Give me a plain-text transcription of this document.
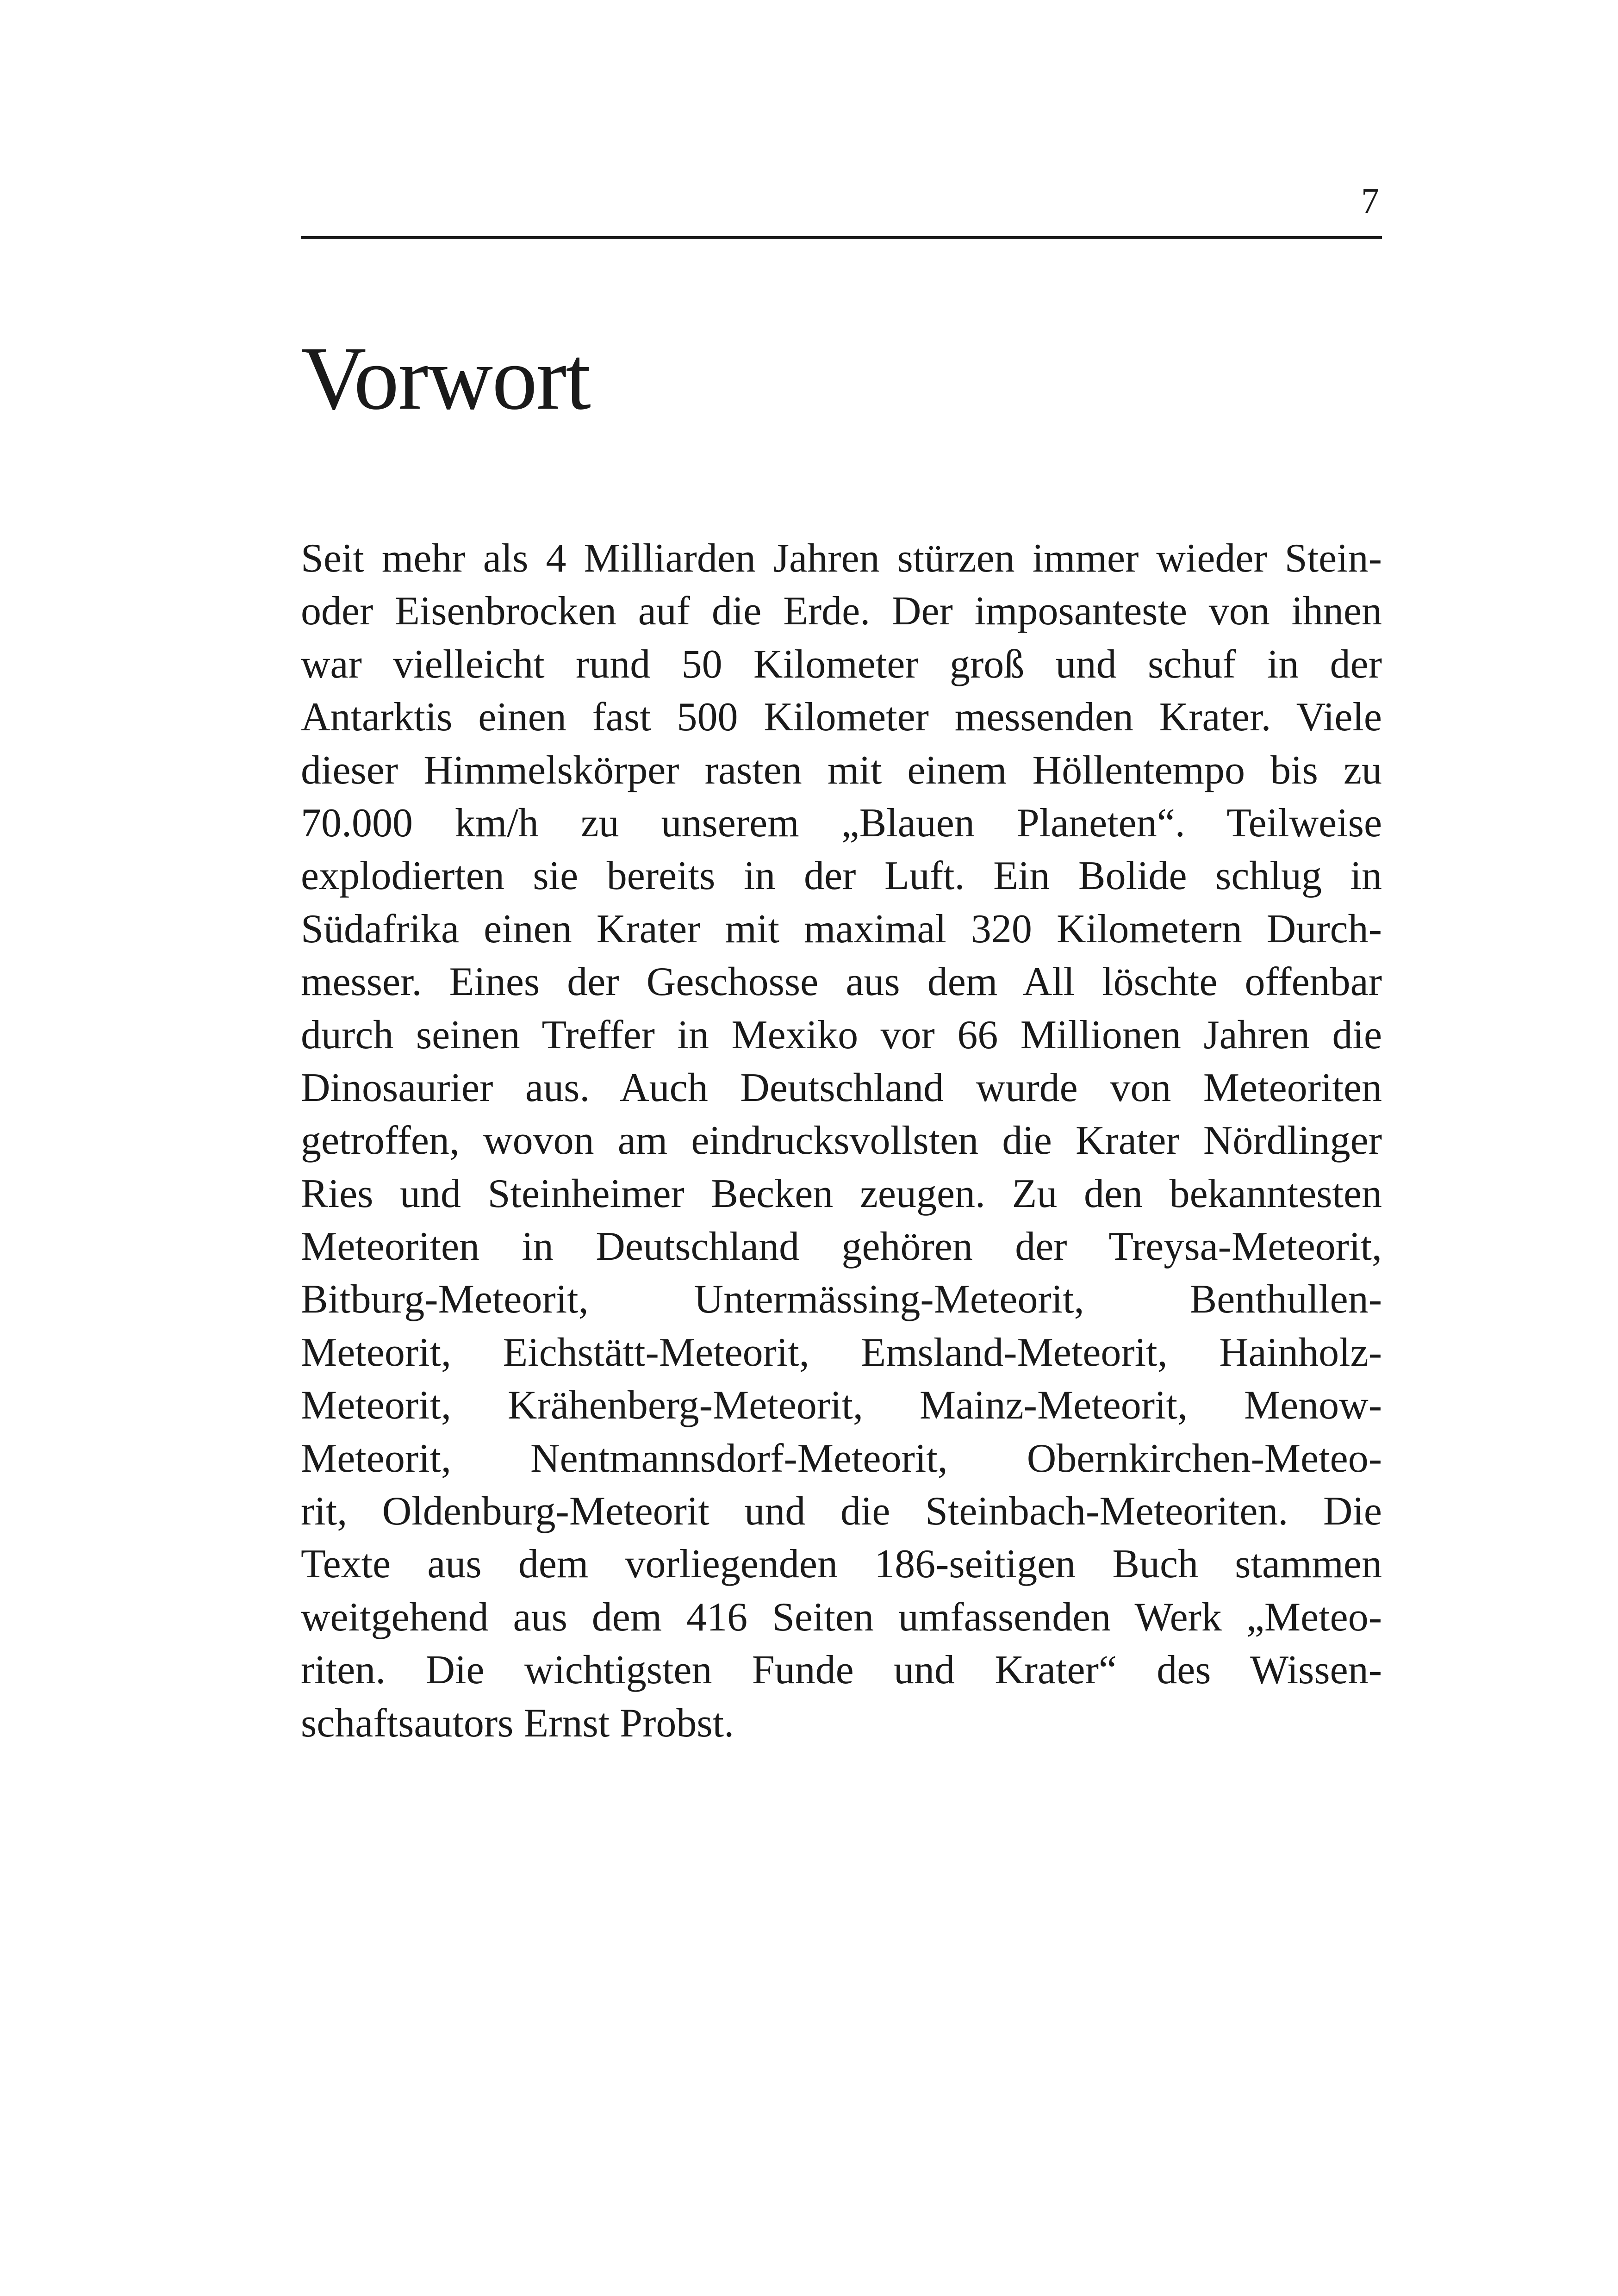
7
Vorwort
Seit mehr als 4 Milliarden Jahren stürzen immer wieder Stein-
oder Eisenbrocken auf die Erde. Der imposanteste von ihnen
war vielleicht rund 50 Kilometer groß und schuf in der
Antarktis einen fast 500 Kilometer messenden Krater. Viele
dieser Himmelskörper rasten mit einem Höllentempo bis zu
70.000 km/h zu unserem „Blauen Planeten“. Teilweise
explodierten sie bereits in der Luft. Ein Bolide schlug in
Südafrika einen Krater mit maximal 320 Kilometern Durch-
messer. Eines der Geschosse aus dem All löschte offenbar
durch seinen Treffer in Mexiko vor 66 Millionen Jahren die
Dinosaurier aus. Auch Deutschland wurde von Meteoriten
getroffen, wovon am eindrucksvollsten die Krater Nördlinger
Ries und Steinheimer Becken zeugen. Zu den bekanntesten
Meteoriten in Deutschland gehören der Treysa-Meteorit,
Bitburg-Meteorit, Untermässing-Meteorit, Benthullen-
Meteorit, Eichstätt-Meteorit, Emsland-Meteorit, Hainholz-
Meteorit, Krähenberg-Meteorit, Mainz-Meteorit, Menow-
Meteorit, Nentmannsdorf-Meteorit, Obernkirchen-Meteo-
rit, Oldenburg-Meteorit und die Steinbach-Meteoriten. Die
Texte aus dem vorliegenden 186-seitigen Buch stammen
weitgehend aus dem 416 Seiten umfassenden Werk „Meteo-
riten. Die wichtigsten Funde und Krater“ des Wissen-
schaftsautors Ernst Probst.
